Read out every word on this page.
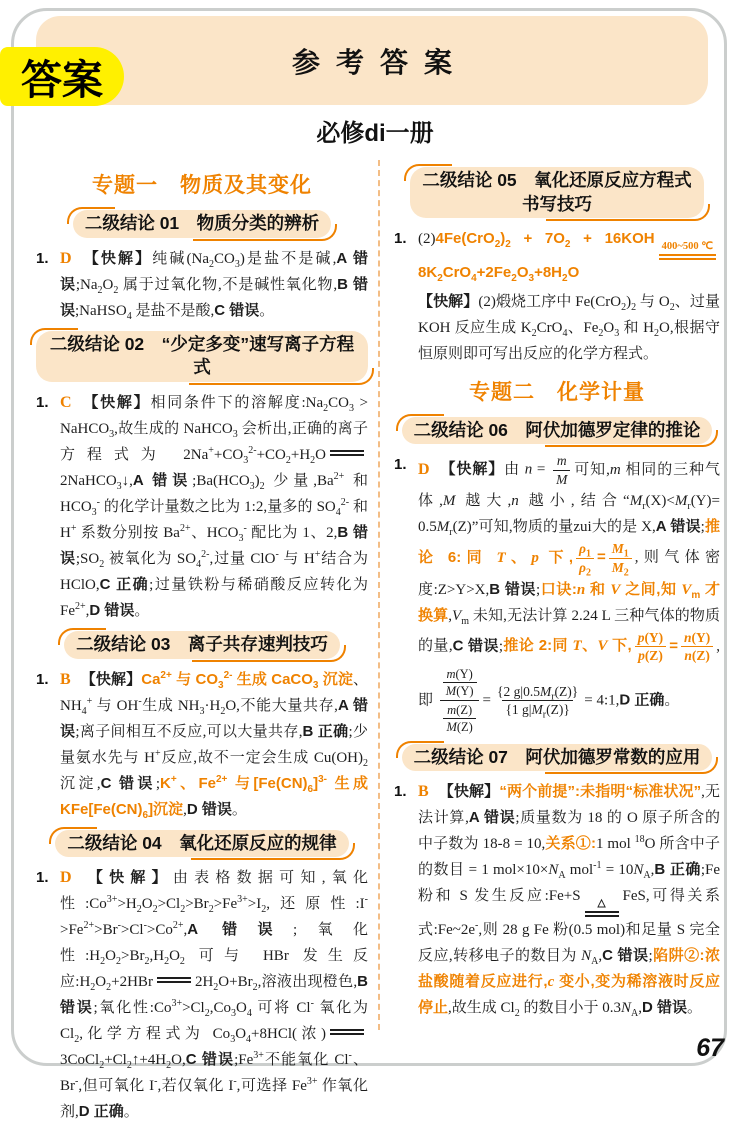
参考答案
答案
必修di一册
专题一　物质及其变化
二级结论 01　物质分类的辨析
1. D 【快解】纯碱$(Na_2CO_3)$是盐不是碱,A 错误$;Na_2O_2$ 属于过氧化物,不是碱性氧化物,B 错误;NaHSO$_4$ 是盐不是酸,C 错误。
二级结论 02　“少定多变”速写离子方程式
1. C 【快解】相同条件下的溶解度$:Na_2CO_3$ > NaHCO$_3$,故生成的 NaHCO$_3$ 会析出,正确的离子方程式为 $2Na^++CO_3^{2-}+CO_2+H_2O$
2NaHCO$_3$↓,A 错误$;Ba(HCO_3)_2$ 少量$,Ba^{2+}$ 和 $HCO_3^-$ 的化学计量数之比为 1:2,量多的 $SO_4^{2-}$ 和 H+ 系数分别按 $Ba^{2+}$、$HCO_3^-$ 配比为 1、2,B 错误$;SO_2$ 被氧化为 $SO_4^{2-}$,过量 ClO- 与 H+结合为 HClO,C 正确;过量铁粉与稀硝酸反应转化为 $Fe^{2+},D$ 错误。
二级结论 03　离子共存速判技巧
1. B 【快解】$Ca^{2+}$ 与 $CO_3^{2-}$ 生成 CaCO$_3$ 沉淀、$NH_4^+$ 与 OH-生成 $NH_3\cdot H_2O$,不能大量共存,A 错误;离子间相互不反应,可以大量共存,B 正确;少量氨水先与 H+反应,故不一定会生成 $Cu(OH)_2$ 沉淀,C 错误;K+、$Fe^{2+}$ 与$[Fe(CN)_6]^{3-}$ 生成 $KFe[Fe(CN)_6]$沉淀,D 错误。
二级结论 04　氧化还原反应的规律
1. D 【快解】由表格数据可知,氧化性$:Co^{3+}>H_2O_2>Cl_2>Br_2>Fe^{3+}>I_2$,还原性$:I^->Fe^{2+}>Br^->Cl^->Co^{2+},A$ 错误;氧化性$:H_2O_2>Br_2,H_2O_2$ 可与 HBr 发生反应$:H_2O_2+2HBr$	$2H_2O+Br_2$,溶液出现橙色,B 错误;氧化性$:Co^{3+}>Cl_2,Co_3O_4$ 可将 Cl- 氧化为 $Cl_2$,化学方程式为 $Co_3O_4+8HCl$(浓)
$3CoCl_2+Cl_2↑+4H_2O,C$ 错误$;Fe^{3+}$不能氧化 Cl-、Br-,但可氧化 I-,若仅氧化 I-,可选择 $Fe^{3+}$ 作氧化剂,D 正确。
二级结论 05　氧化还原反应方程式
书写技巧
1. $(2)4Fe(CrO_2)_2 + 7O_2 + 16KOH$ 400~500 ℃
$8K_2CrO_4+2Fe_2O_3+8H_2O$
【快解】(2)煅烧工序中 $Fe(CrO_2)_2$ 与 $O_2$、过量 KOH 反应生成 $K_2CrO_4$、$Fe_2O_3$ 和 $H_2O$,根据守恒原则即可写出反应的化学方程式。
专题二　化学计量
二级结论 06　阿伏加德罗定律的推论
1. D 【快解】由 $n = \frac{m}{M}$ 可知,m 相同的三种气体,M 越大,n 越小,结合“$M_r(X)<M_r(Y)= 0.5M_r(Z)$”可知,物质的量zui大的是 X,A 错误;推论 6:同 T、p 下, $\frac{\rho_1}{\rho_2} = \frac{M_1}{M_2}$ ,则气体密度:Z>Y>X,B 错误;口诀:n 和 V 之间,知 $V_m$ 才换算$,V_m$ 未知,无法计算 2.24 L 三种气体的物质的量,C 错误;推论 2:同 T、V 下, $\frac{p(Y)}{p(Z)} = \frac{n(Y)}{n(Z)}$ ,即 $\frac{\frac{m(Y)}{M(Y)}}{\frac{m(Z)}{M(Z)}} = \frac{\{2 g|0.5M_r(Z)\}}{\{1 g|M_r(Z)\}}$ = 4:1,D 正确。
二级结论 07　阿伏加德罗常数的应用
1. B 【快解】“两个前提”:未指明“标准状况”,无法计算,A 错误;质量数为 18 的 O 原子所含的中子数为 18-8 = 10,关系①:1 mol $^{18}$O 所含中子的数目 = 1 $mol\times 10\times N_A$ $mol^{-1} = 10N_A,B$ 正确;Fe 粉和 S 发生反应:Fe+S △ FeS,可得关系式:Fe~2e-,则 28 g Fe 粉(0.5 mol)和足量 S 完全反应,转移电子的数目为 $N_A,C$ 错误;陷阱②:浓盐酸随着反应进行,c 变小,变为稀溶液时反应停止,故生成 $Cl_2$ 的数目小于 $0.3N_A,D$ 错误。
67
